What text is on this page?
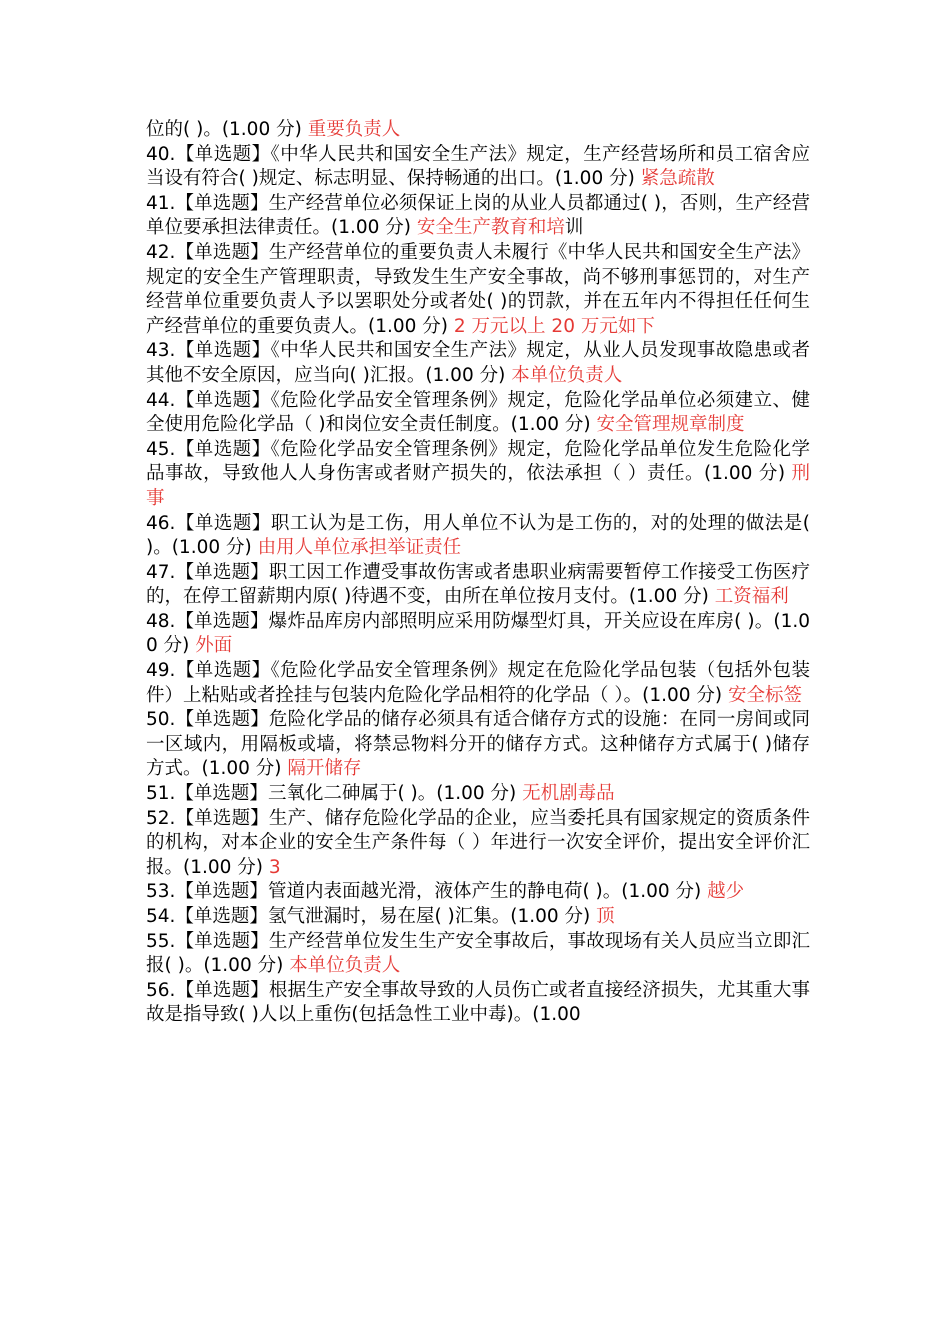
位的( )。(1.00 分) 重要负责人

40.【单选题】《中华人民共和国安全生产法》规定，生产经营场所和员工宿舍应当设有符合( )规定、标志明显、保持畅通的出口。(1.00 分) 紧急疏散

41.【单选题】生产经营单位必须保证上岗的从业人员都通过( )，否则，生产经营单位要承担法律责任。(1.00 分) 安全生产教育和培训

42.【单选题】生产经营单位的重要负责人未履行《中华人民共和国安全生产法》规定的安全生产管理职责，导致发生生产安全事故，尚不够刑事惩罚的，对生产经营单位重要负责人予以罢职处分或者处( )的罚款，并在五年内不得担任任何生产经营单位的重要负责人。(1.00 分) 2 万元以上 20 万元如下

43.【单选题】《中华人民共和国安全生产法》规定，从业人员发现事故隐患或者其他不安全原因，应当向( )汇报。(1.00 分) 本单位负责人

44.【单选题】《危险化学品安全管理条例》规定，危险化学品单位必须建立、健全使用危险化学品（ )和岗位安全责任制度。(1.00 分) 安全管理规章制度

45.【单选题】《危险化学品安全管理条例》规定，危险化学品单位发生危险化学品事故，导致他人人身伤害或者财产损失的，依法承担（ ）责任。(1.00 分) 刑事

46.【单选题】职工认为是工伤，用人单位不认为是工伤的，对的处理的做法是( )。(1.00 分) 由用人单位承担举证责任

47.【单选题】职工因工作遭受事故伤害或者患职业病需要暂停工作接受工伤医疗的，在停工留薪期内原( )待遇不变，由所在单位按月支付。(1.00 分) 工资福利

48.【单选题】爆炸品库房内部照明应采用防爆型灯具，开关应设在库房( )。(1.00 分) 外面

49.【单选题】《危险化学品安全管理条例》规定在危险化学品包装（包括外包装件）上粘贴或者拴挂与包装内危险化学品相符的化学品（ ）。(1.00 分) 安全标签

50.【单选题】危险化学品的储存必须具有适合储存方式的设施：在同一房间或同一区域内，用隔板或墙，将禁忌物料分开的储存方式。这种储存方式属于( )储存方式。(1.00 分) 隔开储存

51.【单选题】三氧化二砷属于( )。(1.00 分) 无机剧毒品

52.【单选题】生产、储存危险化学品的企业，应当委托具有国家规定的资质条件的机构，对本企业的安全生产条件每（ ）年进行一次安全评价，提出安全评价汇报。(1.00 分) 3

53.【单选题】管道内表面越光滑，液体产生的静电荷( )。(1.00 分) 越少

54.【单选题】氢气泄漏时，易在屋( )汇集。(1.00 分) 顶

55.【单选题】生产经营单位发生生产安全事故后，事故现场有关人员应当立即汇报( )。(1.00 分) 本单位负责人

56.【单选题】根据生产安全事故导致的人员伤亡或者直接经济损失，尤其重大事故是指导致( )人以上重伤(包括急性工业中毒)。(1.00
